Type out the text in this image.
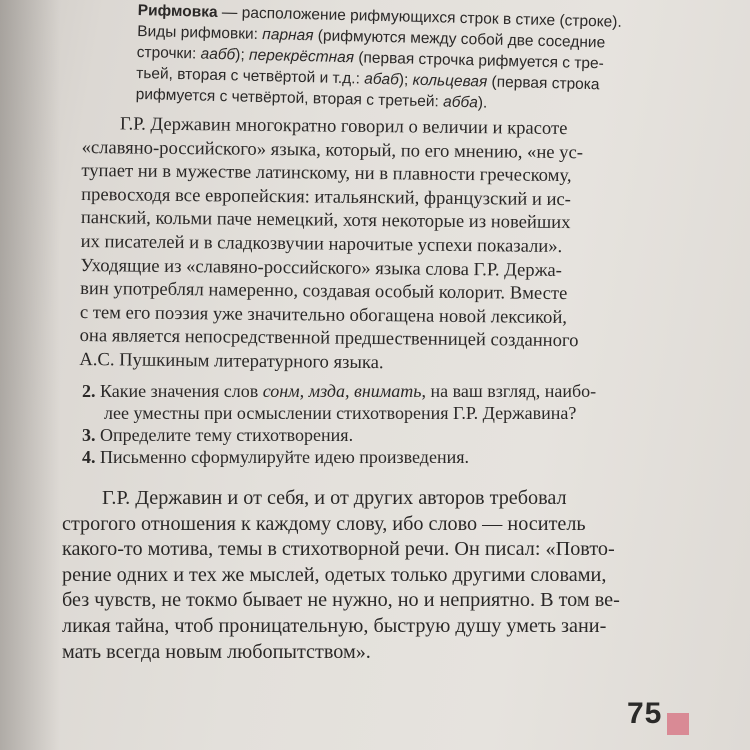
Рифмовка — расположение рифмующихся строк в стихе (строке).
Виды рифмовки: парная (рифмуются между собой две соседние
строчки: аабб); перекрёстная (первая строчка рифмуется с тре-
тьей, вторая с четвёртой и т.д.: абаб); кольцевая (первая строка
рифмуется с четвёртой, вторая с третьей: абба).
Г.Р. Державин многократно говорил о величии и красоте
«славяно-российского» языка, который, по его мнению, «не ус-
тупает ни в мужестве латинскому, ни в плавности греческому,
превосходя все европейския: итальянский, французский и ис-
панский, кольми паче немецкий, хотя некоторые из новейших
их писателей и в сладкозвучии нарочитые успехи показали».
Уходящие из «славяно-российского» языка слова Г.Р. Держа-
вин употреблял намеренно, создавая особый колорит. Вместе
с тем его поэзия уже значительно обогащена новой лексикой,
она является непосредственной предшественницей созданного
А.С. Пушкиным литературного языка.
2. Какие значения слов сонм, мзда, внимать, на ваш взгляд, наибо-
лее уместны при осмыслении стихотворения Г.Р. Державина?
3. Определите тему стихотворения.
4. Письменно сформулируйте идею произведения.
Г.Р. Державин и от себя, и от других авторов требовал
строгого отношения к каждому слову, ибо слово — носитель
какого-то мотива, темы в стихотворной речи. Он писал: «Повто-
рение одних и тех же мыслей, одетых только другими словами,
без чувств, не токмо бывает не нужно, но и неприятно. В том ве-
ликая тайна, чтоб проницательную, быструю душу уметь зани-
мать всегда новым любопытством».
75
